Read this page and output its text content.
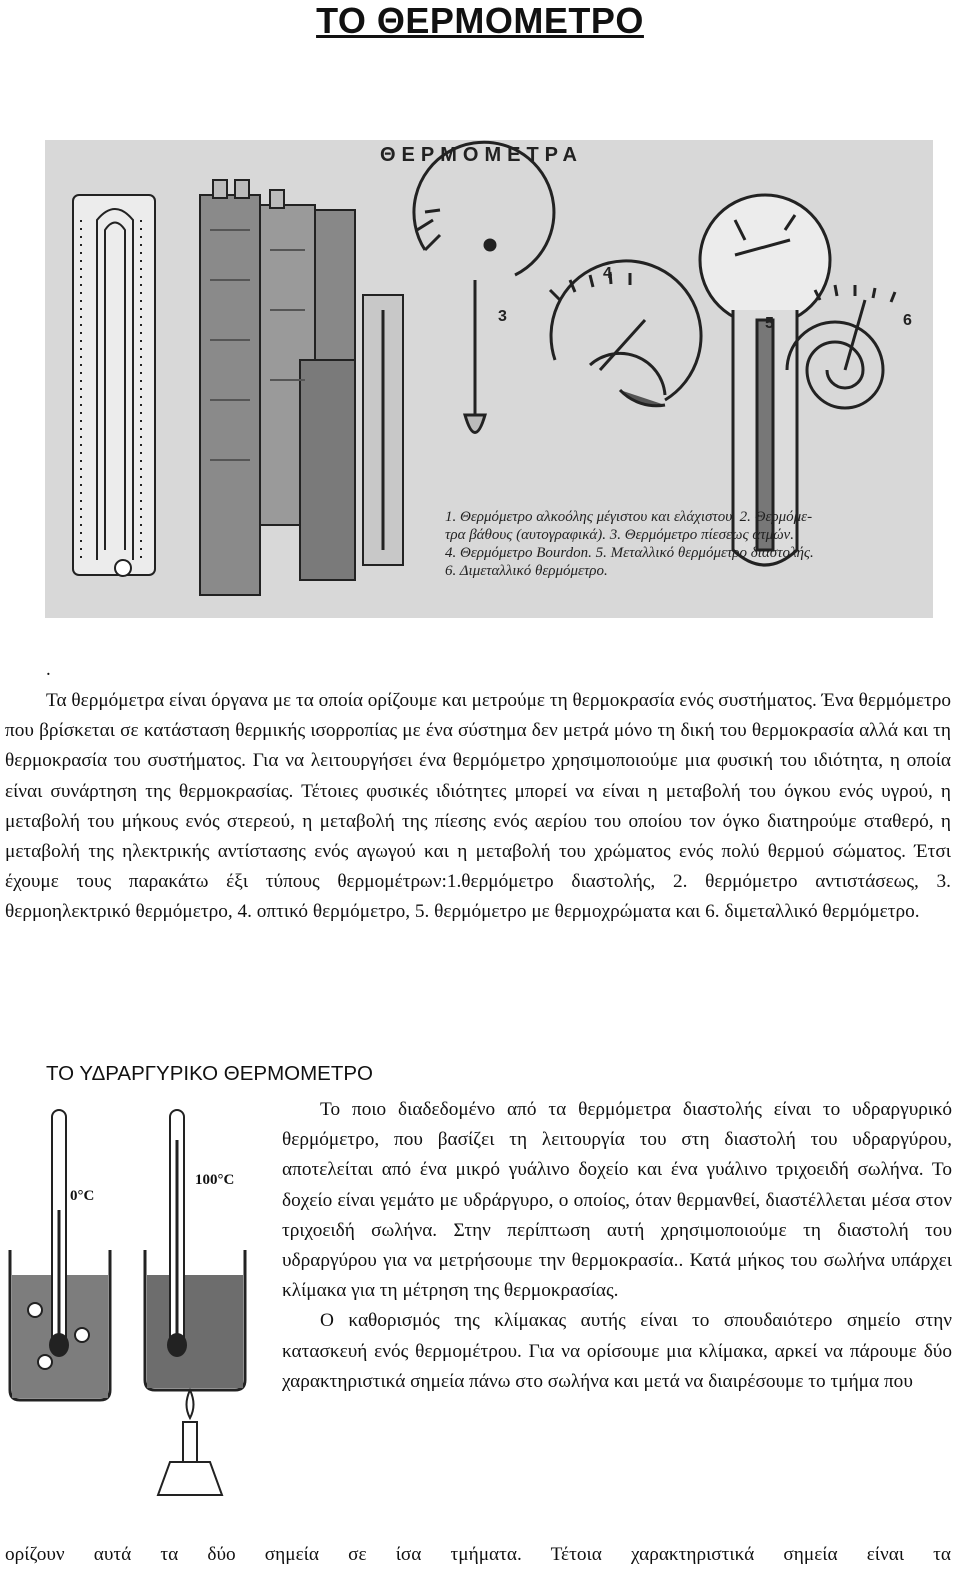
ΤΟ ΘΕΡΜΟΜΕΤΡΟ
ΘΕΡΜΟΜΕΤΡΑ
3
4
5	6
1. Θερμόμετρο αλκοόλης μέγιστου και ελάχιστου. 2. Θερμόμε-
τρα βάθους (αυτογραφικά). 3. Θερμόμετρο πίεσεως ατμών.
4. Θερμόμετρο Bourdon. 5. Μεταλλικό θερμόμετρο διαστολής.
6. Διμεταλλικό θερμόμετρο.
.
Τα θερμόμετρα είναι όργανα με τα οποία ορίζουμε και μετρούμε τη θερμοκρασία ενός συστήματος. Ένα θερμόμετρο που βρίσκεται σε κατάσταση θερμικής ισορροπίας με ένα σύστημα δεν μετρά μόνο τη δική του θερμοκρασία αλλά και τη θερμοκρασία του συστήματος. Για να λειτουργήσει ένα θερμόμετρο χρησιμοποιούμε μια φυσική του ιδιότητα, η οποία είναι συνάρτηση της θερμοκρασίας. Τέτοιες φυσικές ιδιότητες μπορεί να είναι η μεταβολή του όγκου ενός υγρού, η μεταβολή του μήκους ενός στερεού, η μεταβολή της πίεσης ενός αερίου του οποίου τον όγκο διατηρούμε σταθερό, η μεταβολή της ηλεκτρικής αντίστασης ενός αγωγού και η μεταβολή του χρώματος ενός πολύ θερμού σώματος. Έτσι έχουμε τους παρακάτω έξι τύπους θερμομέτρων:1.θερμόμετρο διαστολής, 2. θερμόμετρο αντιστάσεως, 3. θερμοηλεκτρικό θερμόμετρο, 4. οπτικό θερμόμετρο, 5. θερμόμετρο με θερμοχρώματα και 6. διμεταλλικό θερμόμετρο.
ΤΟ ΥΔΡΑΡΓΥΡΙΚΟ ΘΕΡΜΟΜΕΤΡΟ
0°C
100°C

Το ποιο διαδεδομένο από τα θερμόμετρα διαστολής είναι το υδραργυρικό θερμόμετρο, που βασίζει τη λειτουργία του στη διαστολή του υδραργύρου, αποτελείται από ένα μικρό γυάλινο δοχείο και ένα γυάλινο τριχοειδή σωλήνα. Το δοχείο είναι γεμάτο με υδράργυρο, ο οποίος, όταν θερμανθεί, διαστέλλεται μέσα στον τριχοειδή σωλήνα. Στην περίπτωση αυτή χρησιμοποιούμε τη διαστολή του υδραργύρου για να μετρήσουμε την θερμοκρασία.. Κατά μήκος του σωλήνα υπάρχει κλίμακα για τη μέτρηση της θερμοκρασίας.

Ο καθορισμός της κλίμακας αυτής είναι το σπουδαιότερο σημείο στην κατασκευή ενός θερμομέτρου. Για να ορίσουμε μια κλίμακα, αρκεί να πάρουμε δύο χαρακτηριστικά σημεία πάνω στο σωλήνα και μετά να διαιρέσουμε το τμήμα που

ορίζουν αυτά τα δύο σημεία σε ίσα τμήματα. Τέτοια χαρακτηριστικά σημεία είναι τα
